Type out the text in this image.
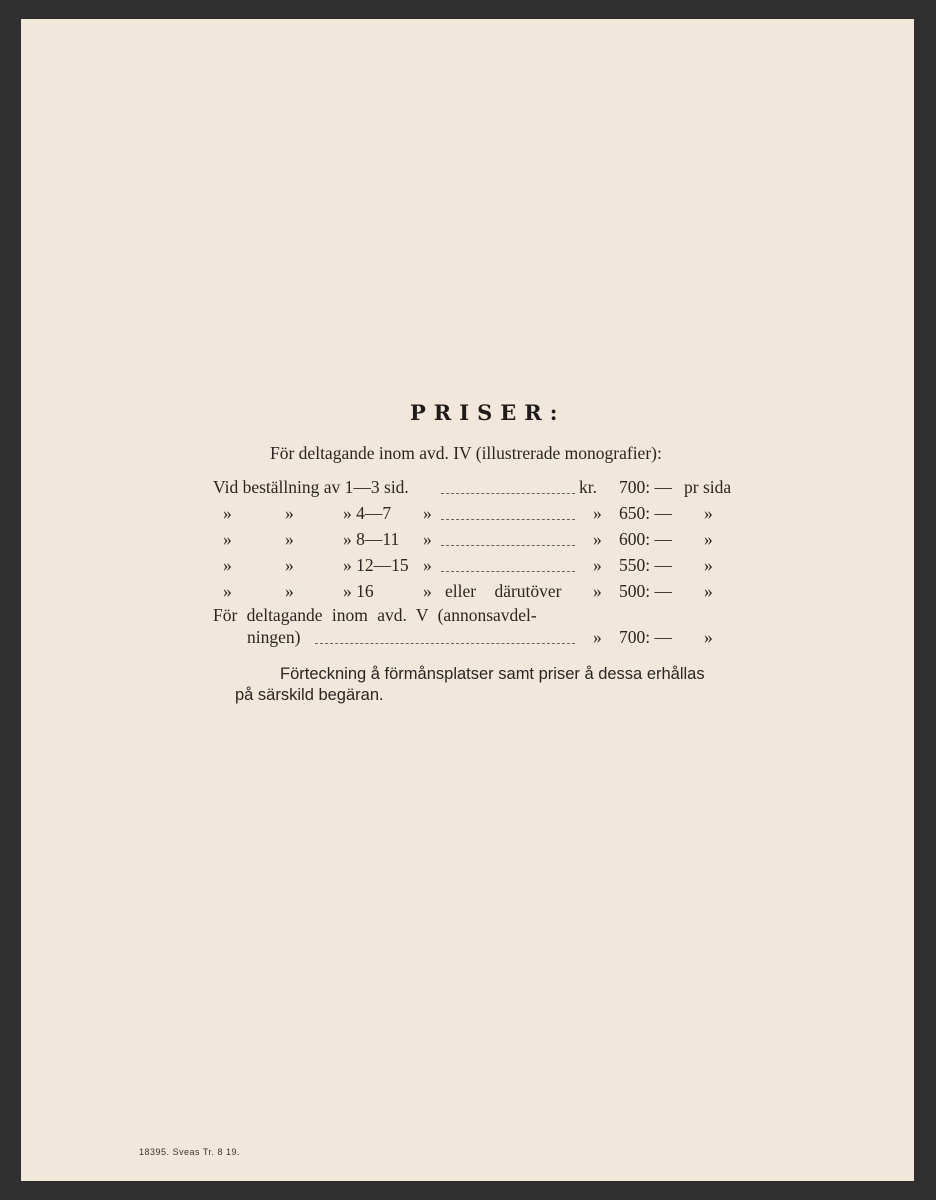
PRISER:
För deltagande inom avd. IV (illustrerade monografier):
Vid beställning av 1—3 sid.	kr. 700: — pr sida
»	»	» 4—7 »	» 650: — »
»	»	» 8—11 »	» 600: — »
»	»	» 12—15 »	» 550: — »
»	»	» 16	» eller därutöver » 500: — »
För deltagande inom avd. V (annonsavdel-
ningen)	» 700: — »
Förteckning å förmånsplatser samt priser å dessa erhållas
på särskild begäran.
18395. Sveas Tr. 8 19.
